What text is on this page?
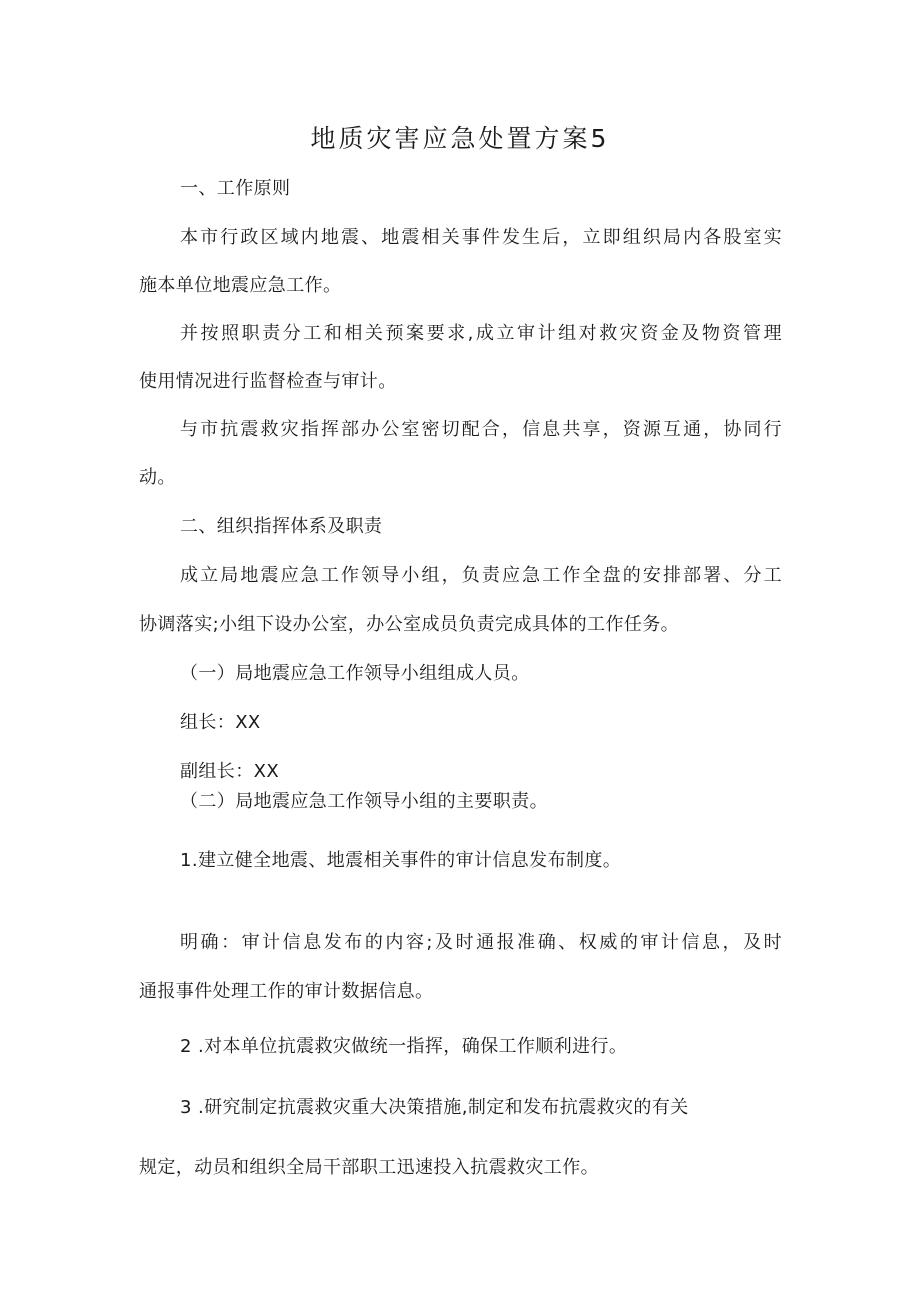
地质灾害应急处置方案5
一、工作原则
本市行政区域内地震、地震相关事件发生后，立即组织局内各股室实
施本单位地震应急工作。
并按照职责分工和相关预案要求,成立审计组对救灾资金及物资管理
使用情况进行监督检查与审计。
与市抗震救灾指挥部办公室密切配合，信息共享，资源互通，协同行
动。
二、组织指挥体系及职责
成立局地震应急工作领导小组，负责应急工作全盘的安排部署、分工
协调落实;小组下设办公室，办公室成员负责完成具体的工作任务。
（一）局地震应急工作领导小组组成人员。
组长：XX
副组长：XX
（二）局地震应急工作领导小组的主要职责。
1.建立健全地震、地震相关事件的审计信息发布制度。
明确：审计信息发布的内容;及时通报准确、权威的审计信息，及时
通报事件处理工作的审计数据信息。
2 .对本单位抗震救灾做统一指挥，确保工作顺利进行。
3 .研究制定抗震救灾重大决策措施,制定和发布抗震救灾的有关
规定，动员和组织全局干部职工迅速投入抗震救灾工作。
